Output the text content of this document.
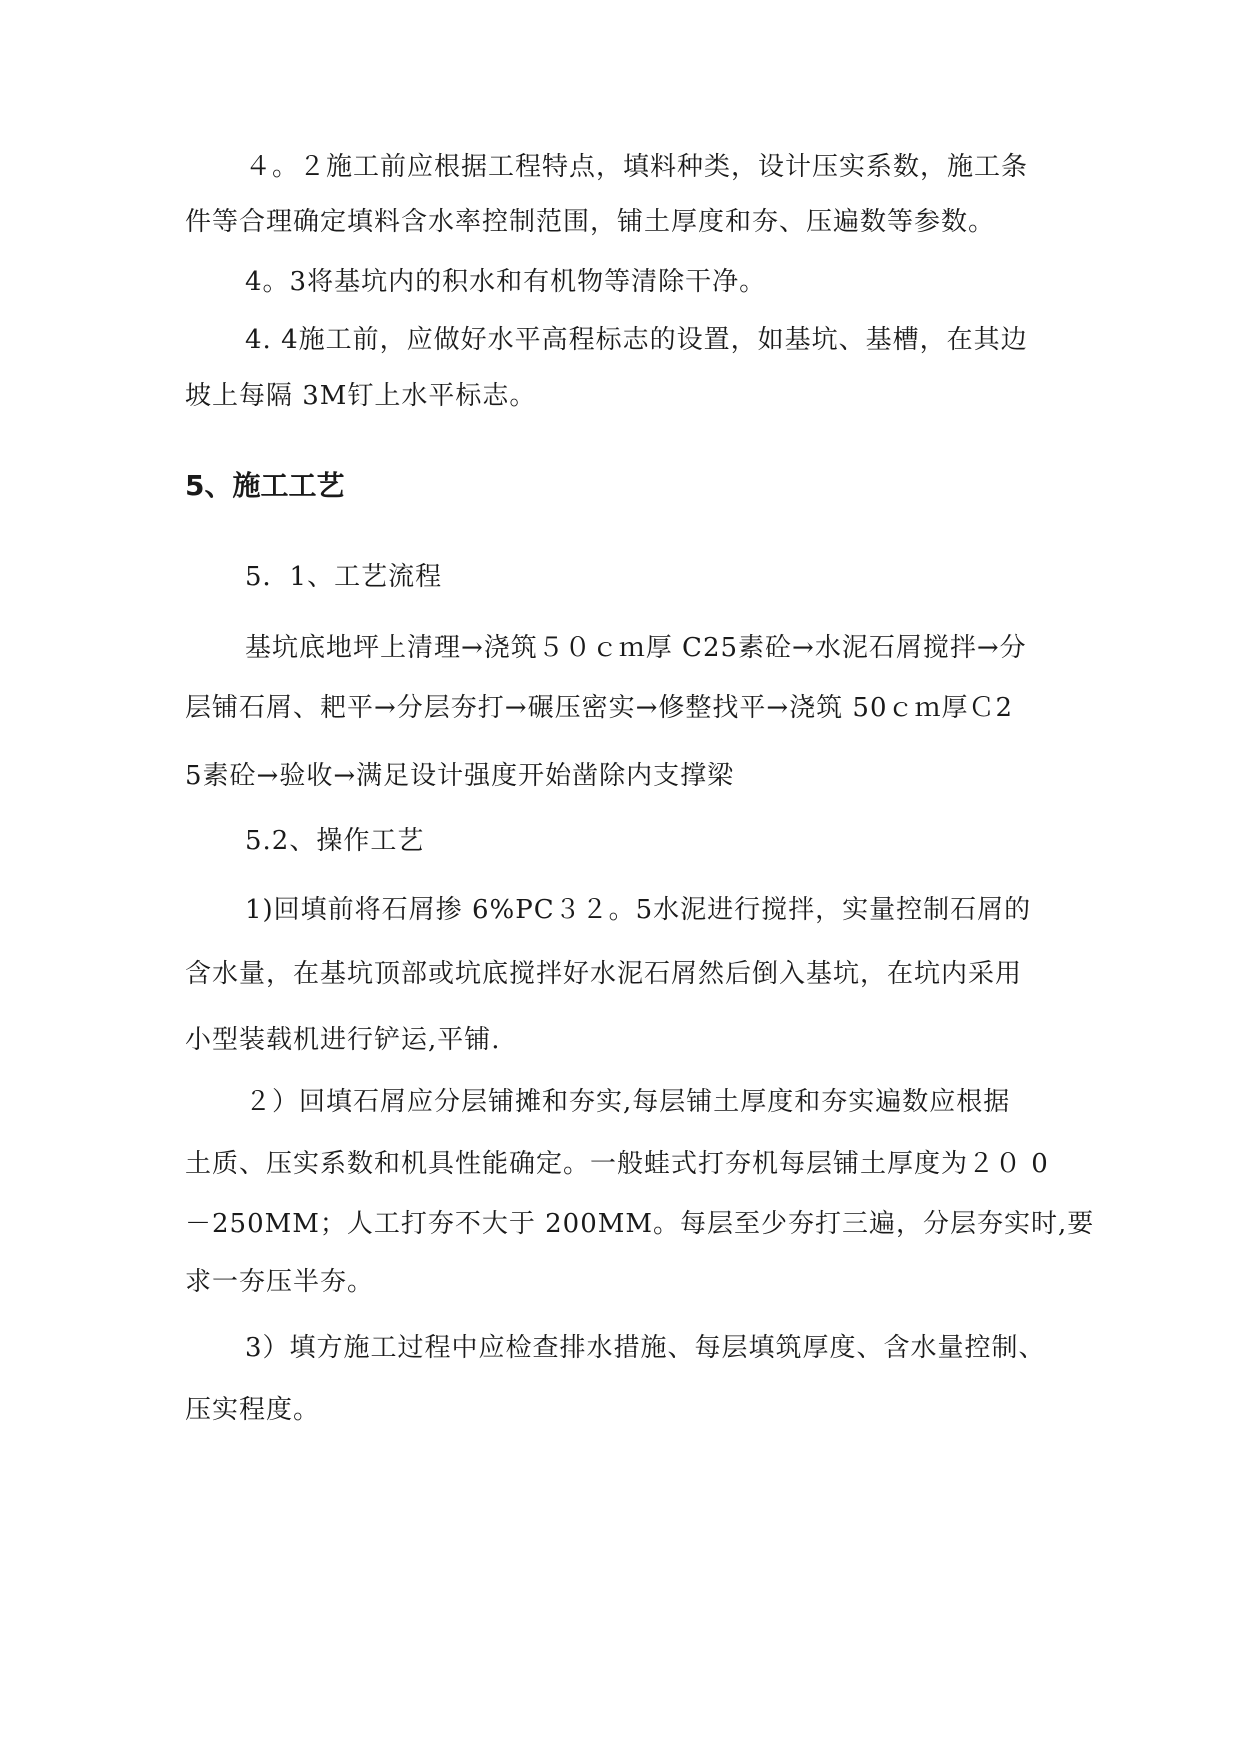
４。２施工前应根据工程特点，填料种类，设计压实系数，施工条
件等合理确定填料含水率控制范围，铺土厚度和夯、压遍数等参数。
4。3将基坑内的积水和有机物等清除干净。
4. 4施工前，应做好水平高程标志的设置，如基坑、基槽，在其边
坡上每隔 3M钉上水平标志。
5、施工工艺
5．1、工艺流程
基坑底地坪上清理→浇筑５０ｃｍ厚 C25素砼→水泥石屑搅拌→分
层铺石屑、耙平→分层夯打→碾压密实→修整找平→浇筑 50ｃｍ厚Ｃ2
5素砼→验收→满足设计强度开始凿除内支撑梁
5.2、操作工艺
1)回填前将石屑掺 6%PC３２。5水泥进行搅拌，实量控制石屑的
含水量，在基坑顶部或坑底搅拌好水泥石屑然后倒入基坑，在坑内采用
小型装载机进行铲运,平铺.
２）回填石屑应分层铺摊和夯实,每层铺土厚度和夯实遍数应根据
土质、压实系数和机具性能确定。一般蛙式打夯机每层铺土厚度为２０ 0
－250MM；人工打夯不大于 200MM。每层至少夯打三遍，分层夯实时,要
求一夯压半夯。
3）填方施工过程中应检查排水措施、每层填筑厚度、含水量控制、
压实程度。
